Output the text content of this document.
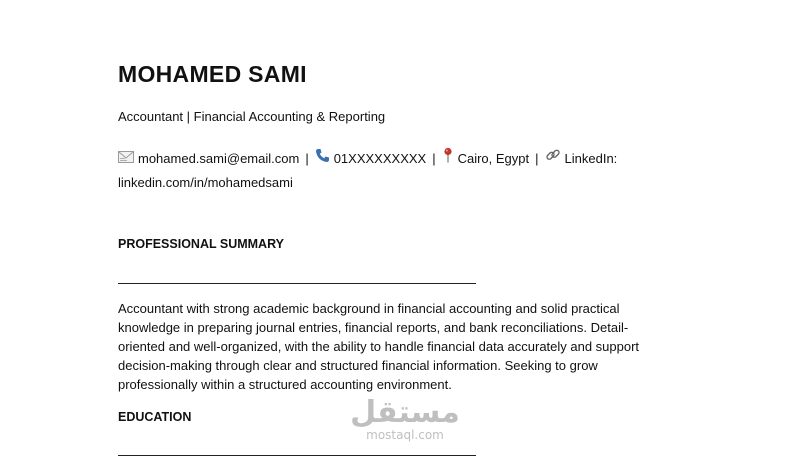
MOHAMED SAMI
Accountant | Financial Accounting & Reporting
mohamed.sami@email.com | 01XXXXXXXXX | Cairo, Egypt | LinkedIn:
linkedin.com/in/mohamedsami
PROFESSIONAL SUMMARY

Accountant with strong academic background in financial accounting and solid practical knowledge in preparing journal entries, financial reports, and bank reconciliations. Detail-oriented and well-organized, with the ability to handle financial data accurately and support decision-making through clear and structured financial information. Seeking to grow professionally within a structured accounting environment.

EDUCATION	مستقل
mostaql.com
